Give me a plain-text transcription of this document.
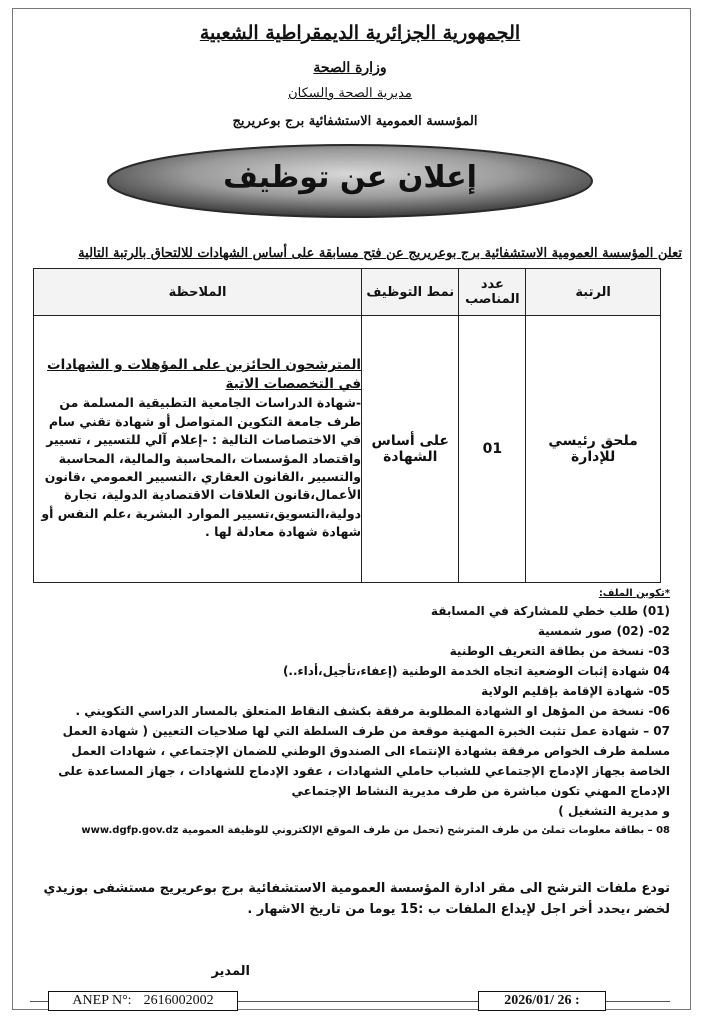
الجمهورية الجزائرية الديمقراطية الشعبية
وزارة الصحة
مديرية الصحة والسكان
المؤسسة العمومية الاستشفائية برج بوعريريج
إعلان عن توظيف
تعلن المؤسسة العمومية الاستشفائية برج بوعريريج عن فتح مسابقة على أساس الشهادات للالتحاق بالرتبة التالية
الرتبة	عدد المناصب	نمط التوظيف	الملاحظة
ملحق رئيسي للإدارة	01	على أساس الشهادة	المترشحون الحائزين على المؤهلات و الشهادات في التخصصات الاتية
-شهادة الدراسات الجامعية التطبيقية المسلمة من طرف جامعة التكوين المتواصل أو شهادة تقني سام في الاختصاصات التالية : -إعلام آلي للتسيير ، تسيير واقتصاد المؤسسات ،المحاسبة والمالية، المحاسبة والتسيير ،القانون العقاري ،التسيير العمومي ،قانون الأعمال،قانون العلاقات الاقتصادية الدولية، تجارة دولية،التسويق،تسيير الموارد البشرية ،علم النفس أو شهادة شهادة معادلة لها .
*تكوين الملف:
(01) طلب خطي للمشاركة في المسابقة
02- (02) صور شمسية
03- نسخة من بطاقة التعريف الوطنية
04 شهادة إثبات الوضعية اتجاه الخدمة الوطنية (إعفاء،تأجيل،أداء..)
05- شهادة الإقامة بإقليم الولاية
06- نسخة من المؤهل او الشهادة المطلوبة مرفقة بكشف النقاط المتعلق بالمسار الدراسي التكويني .
07 – شهادة عمل تثبت الخبرة المهنية موقعة من طرف السلطة التي لها صلاحيات التعيين ( شهادة العمل مسلمة طرف الخواص مرفقة بشهادة الإنتماء الى الصندوق الوطني للضمان الإجتماعي ، شهادات العمل الخاصة بجهاز الإدماج الإجتماعي للشباب حاملي الشهادات ، عقود الإدماج للشهادات ، جهاز المساعدة على الإدماج المهني تكون مباشرة من طرف مديرية النشاط الإجتماعي
و مديرية التشغيل )
08 – بطاقة معلومات تملئ من طرف المترشح (تحمل من طرف الموقع الإلكتروني للوظيفة العمومية www.dgfp.gov.dz
تودع ملفات الترشح الى مقر ادارة المؤسسة العمومية الاستشفائية برج بوعريريج مستشفى بوزيدي لخضر ،يحدد أخر اجل لإيداع الملفات ب :15 يوما من تاريخ الاشهار .
المدير
ANEP N°: 2616002002	2026/01/ 26 :
